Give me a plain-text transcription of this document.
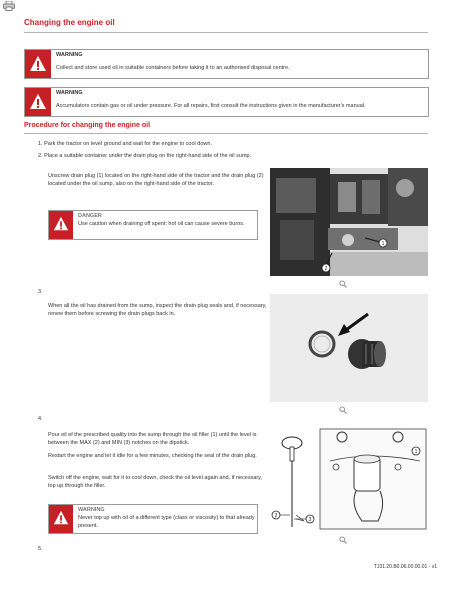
Changing the engine oil
WARNING
Collect and store used oil in suitable containers before taking it to an authorised disposal centre.
WARNING
Accumulators contain gas or oil under pressure. For all repairs, first consult the instructions given in the manufacturer's manual.
Procedure for changing the engine oil
1. Park the tractor on level ground and wait for the engine to cool down.
2. Place a suitable container under the drain plug on the right-hand side of the oil sump.
Unscrew drain plug (1) located on the right-hand side of the tractor and the drain plug (2) located under the oil sump, also on the right-hand side of the tractor.
DANGER
Use caution when draining off spent: hot oil can cause severe burns.
1
2
3.
When all the oil has drained from the sump, inspect the drain plug seals and, if necessary, renew them before screwing the drain plugs back in.
4.
Pour oil of the prescribed quality into the sump through the oil filler (1) until the level is between the MAX (2) and MIN (3) notches on the dipstick.
Restart the engine and let it idle for a few minutes, checking the seal of the drain plug.
Switch off the engine, wait for it to cool down, check the oil level again and, if necessary, top up through the filler.
WARNING
Never top up with oil of a different type (class or viscosity) to that already present.
1
2
3
5.
TJ31.20.B0.06.00.00.01 - v1
